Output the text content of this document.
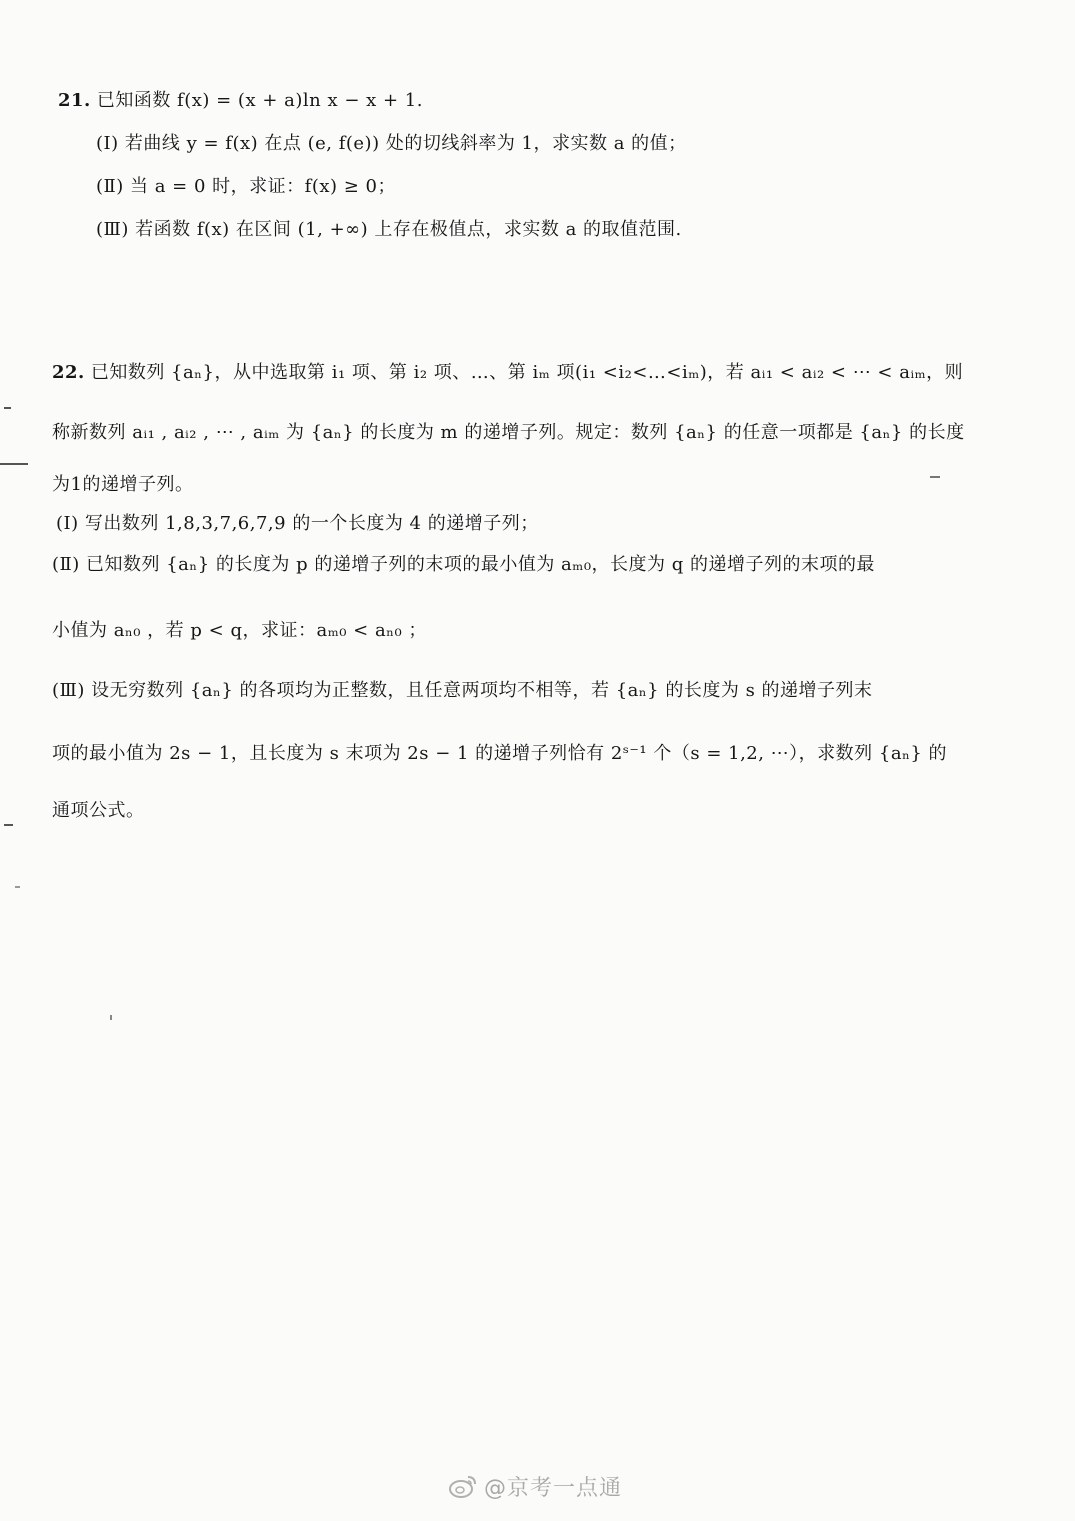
21. 已知函数 f(x) = (x + a)ln x − x + 1.
(Ⅰ) 若曲线 y = f(x) 在点 (e, f(e)) 处的切线斜率为 1，求实数 a 的值；
(Ⅱ) 当 a = 0 时，求证：f(x) ≥ 0；
(Ⅲ) 若函数 f(x) 在区间 (1, +∞) 上存在极值点，求实数 a 的取值范围.
22. 已知数列 {aₙ}，从中选取第 i₁ 项、第 i₂ 项、…、第 iₘ 项(i₁ <i₂<…<iₘ)，若 aᵢ₁ < aᵢ₂ < ⋯ < aᵢₘ，则
称新数列 aᵢ₁ , aᵢ₂ , ⋯ , aᵢₘ 为 {aₙ} 的长度为 m 的递增子列。规定：数列 {aₙ} 的任意一项都是 {aₙ} 的长度
为1的递增子列。
(Ⅰ) 写出数列 1,8,3,7,6,7,9 的一个长度为 4 的递增子列；
(Ⅱ) 已知数列 {aₙ} 的长度为 p 的递增子列的末项的最小值为 aₘ₀，长度为 q 的递增子列的末项的最
小值为 aₙ₀ ，若 p < q，求证：aₘ₀ < aₙ₀ ；
(Ⅲ) 设无穷数列 {aₙ} 的各项均为正整数，且任意两项均不相等，若 {aₙ} 的长度为 s 的递增子列末
项的最小值为 2s − 1，且长度为 s 末项为 2s − 1 的递增子列恰有 2ˢ⁻¹ 个（s = 1,2, ⋯），求数列 {aₙ} 的
通项公式。
@京考一点通
